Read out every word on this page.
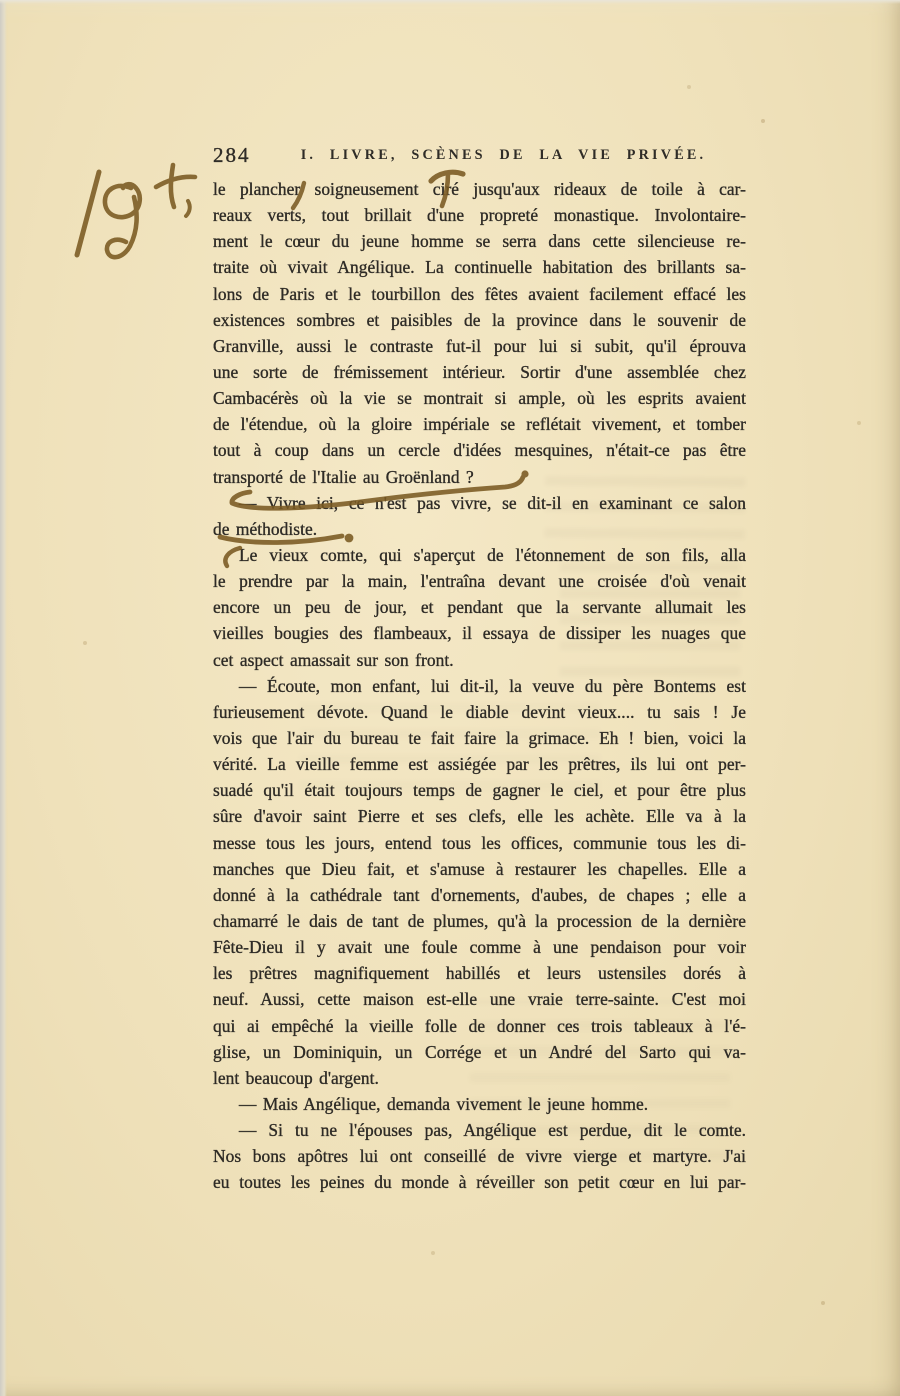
284	I. LIVRE, SCÈNES DE LA VIE PRIVÉE.
le plancher soigneusement ciré jusqu'aux rideaux de toile à car-
reaux verts, tout brillait d'une propreté monastique. Involontaire-
ment le cœur du jeune homme se serra dans cette silencieuse re-
traite où vivait Angélique. La continuelle habitation des brillants sa-
lons de Paris et le tourbillon des fêtes avaient facilement effacé les
existences sombres et paisibles de la province dans le souvenir de
Granville, aussi le contraste fut-il pour lui si subit, qu'il éprouva
une sorte de frémissement intérieur. Sortir d'une assemblée chez
Cambacérès où la vie se montrait si ample, où les esprits avaient
de l'étendue, où la gloire impériale se reflétait vivement, et tomber
tout à coup dans un cercle d'idées mesquines, n'était-ce pas être
transporté de l'Italie au Groënland ?
— Vivre ici, ce n'est pas vivre, se dit-il en examinant ce salon
de méthodiste.
Le vieux comte, qui s'aperçut de l'étonnement de son fils, alla
le prendre par la main, l'entraîna devant une croisée d'où venait
encore un peu de jour, et pendant que la servante allumait les
vieilles bougies des flambeaux, il essaya de dissiper les nuages que
cet aspect amassait sur son front.
— Écoute, mon enfant, lui dit-il, la veuve du père Bontems est
furieusement dévote. Quand le diable devint vieux.... tu sais ! Je
vois que l'air du bureau te fait faire la grimace. Eh ! bien, voici la
vérité. La vieille femme est assiégée par les prêtres, ils lui ont per-
suadé qu'il était toujours temps de gagner le ciel, et pour être plus
sûre d'avoir saint Pierre et ses clefs, elle les achète. Elle va à la
messe tous les jours, entend tous les offices, communie tous les di-
manches que Dieu fait, et s'amuse à restaurer les chapelles. Elle a
donné à la cathédrale tant d'ornements, d'aubes, de chapes ; elle a
chamarré le dais de tant de plumes, qu'à la procession de la dernière
Fête-Dieu il y avait une foule comme à une pendaison pour voir
les prêtres magnifiquement habillés et leurs ustensiles dorés à
neuf. Aussi, cette maison est-elle une vraie terre-sainte. C'est moi
qui ai empêché la vieille folle de donner ces trois tableaux à l'é-
glise, un Dominiquin, un Corrége et un André del Sarto qui va-
lent beaucoup d'argent.
— Mais Angélique, demanda vivement le jeune homme.
— Si tu ne l'épouses pas, Angélique est perdue, dit le comte.
Nos bons apôtres lui ont conseillé de vivre vierge et martyre. J'ai
eu toutes les peines du monde à réveiller son petit cœur en lui par-
